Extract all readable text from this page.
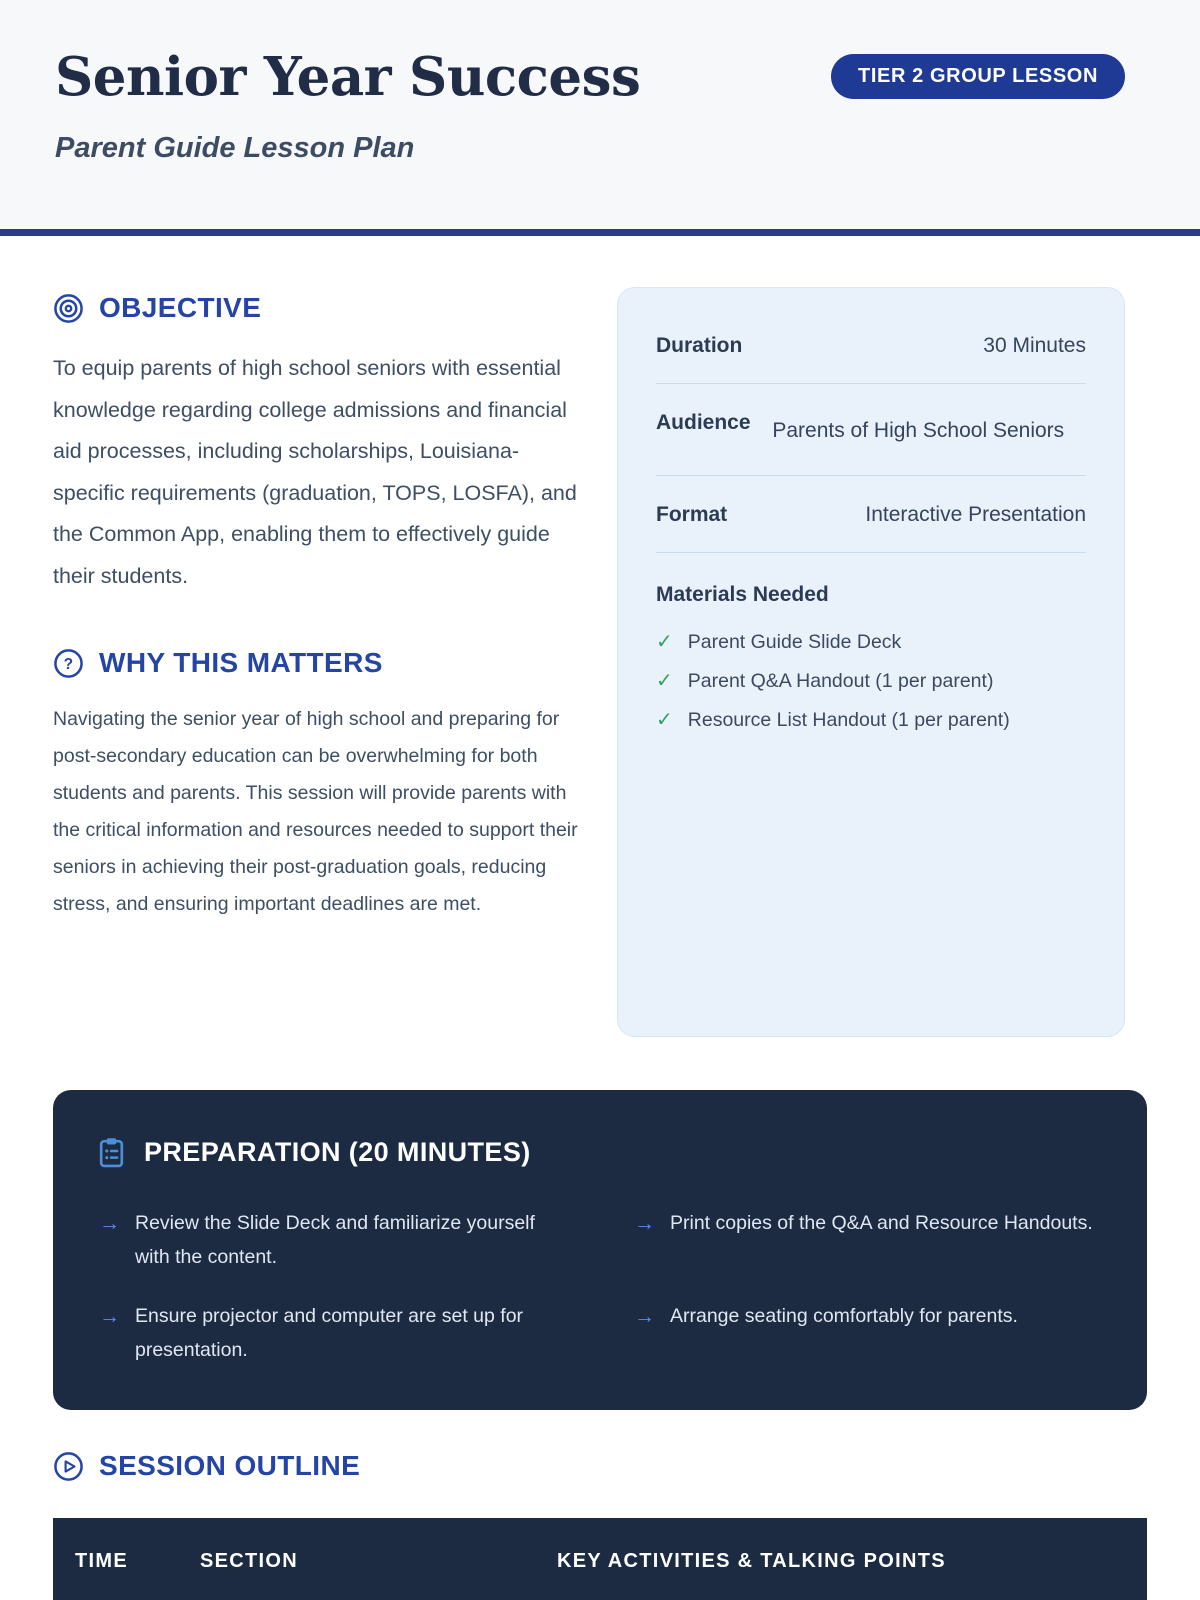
Senior Year Success

Parent Guide Lesson Plan

TIER 2 GROUP LESSON
OBJECTIVE

To equip parents of high school seniors with essential knowledge regarding college admissions and financial aid processes, including scholarships, Louisiana-specific requirements (graduation, TOPS, LOSFA), and the Common App, enabling them to effectively guide their students.

? WHY THIS MATTERS

Navigating the senior year of high school and preparing for post-secondary education can be overwhelming for both students and parents. This session will provide parents with the critical information and resources needed to support their seniors in achieving their post-graduation goals, reducing stress, and ensuring important deadlines are met.

Duration	30 Minutes
Audience	Parents of High School Seniors
Format	Interactive Presentation
Materials Needed
✓ Parent Guide Slide Deck
✓ Parent Q&A Handout (1 per parent)
✓ Resource List Handout (1 per parent)
PREPARATION (20 MINUTES)
→ Review the Slide Deck and familiarize yourself with the content.
→ Ensure projector and computer are set up for presentation.
→ Print copies of the Q&A and Resource Handouts.
→ Arrange seating comfortably for parents.
SESSION OUTLINE
TIME	SECTION	KEY ACTIVITIES & TALKING POINTS
